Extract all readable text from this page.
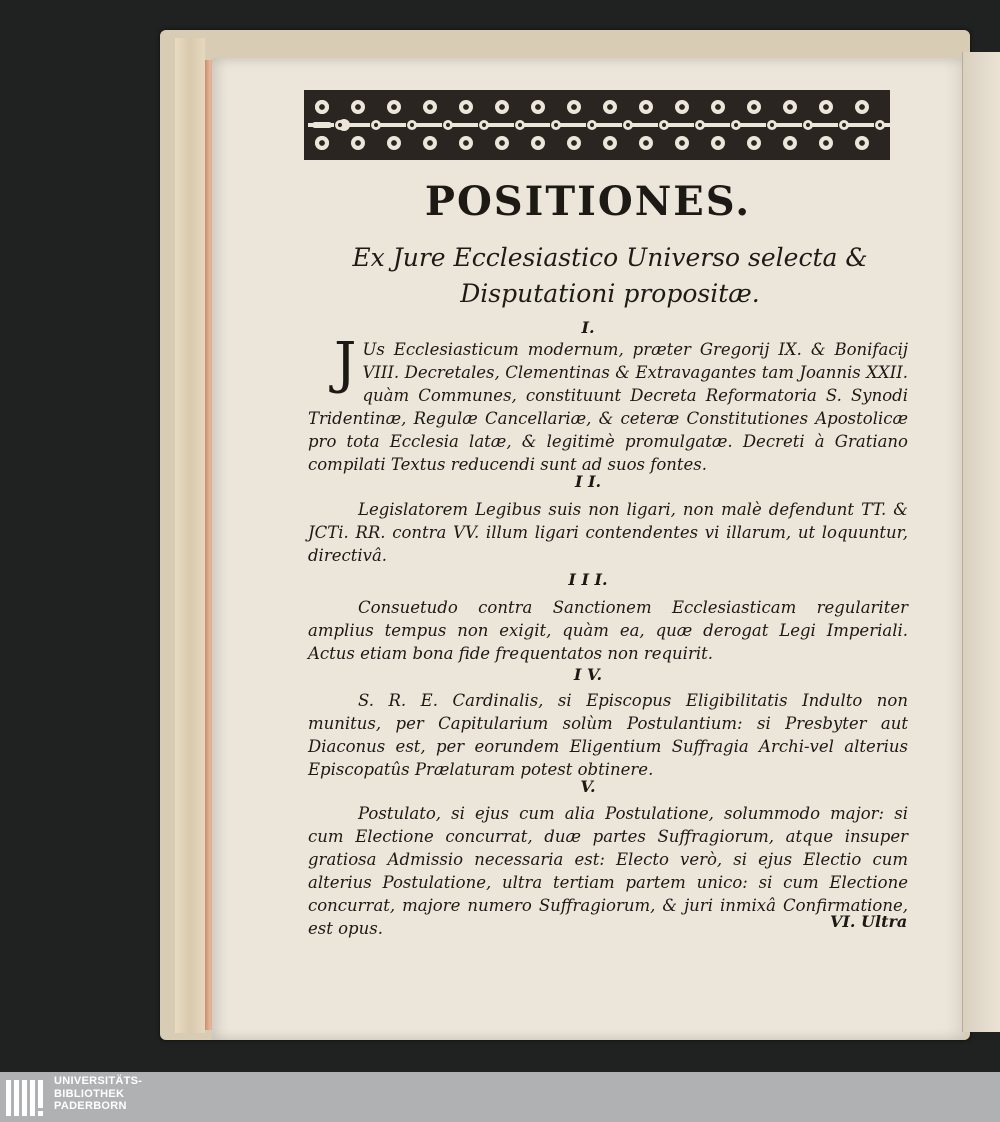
POSITIONES.
Ex Jure Ecclesiastico Universo selecta & Disputationi propositæ.
I.
J Us Ecclesiasticum modernum, præter Gregorij IX. & Bonifacij VIII. Decretales, Clementinas & Extravagantes tam Joannis XXII. quàm Communes, constituunt Decreta Reformatoria S. Synodi Tridentinæ, Regulæ Cancellariæ, & ceteræ Constitutiones Apostolicæ pro tota Ecclesia latæ, & legitimè promulgatæ. Decreti à Gratiano compilati Textus reducendi sunt ad suos fontes.
I I.
Legislatorem Legibus suis non ligari, non malè defendunt TT. & JCTi. RR. contra VV. illum ligari contendentes vi illarum, ut loquuntur, directivâ.
I I I.
Consuetudo contra Sanctionem Ecclesiasticam regulariter amplius tempus non exigit, quàm ea, quæ derogat Legi Imperiali. Actus etiam bona fide frequentatos non requirit.
I V.
S. R. E. Cardinalis, si Episcopus Eligibilitatis Indulto non munitus, per Capitularium solùm Postulantium: si Presbyter aut Diaconus est, per eorundem Eligentium Suffragia Archi-vel alterius Episcopatûs Prælaturam potest obtinere.
V.
Postulato, si ejus cum alia Postulatione, solummodo major: si cum Electione concurrat, duæ partes Suffragiorum, atque insuper gratiosa Admissio necessaria est: Electo verò, si ejus Electio cum alterius Postulatione, ultra tertiam partem unico: si cum Electione concurrat, majore numero Suffragiorum, & juri inmixâ Confirmatione, est opus.	VI. Ultra
UNIVERSITÄTS-
BIBLIOTHEK
PADERBORN
